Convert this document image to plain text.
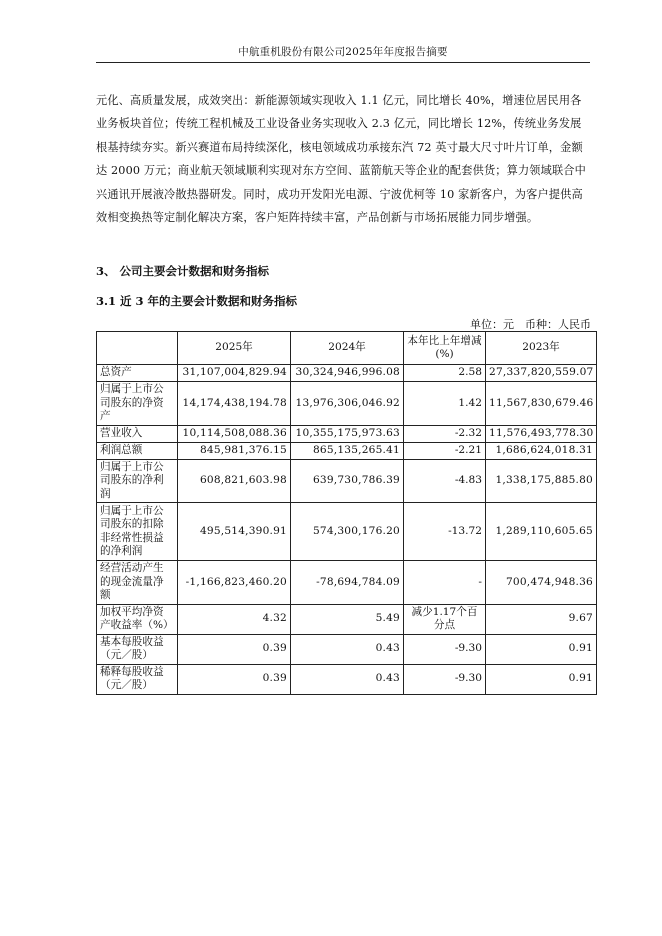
中航重机股份有限公司2025年年度报告摘要

元化、高质量发展，成效突出：新能源领域实现收入 1.1 亿元，同比增长 40%，增速位居民用各业务板块首位；传统工程机械及工业设备业务实现收入 2.3 亿元，同比增长 12%，传统业务发展根基持续夯实。新兴赛道布局持续深化，核电领域成功承接东汽 72 英寸最大尺寸叶片订单，金额达 2000 万元；商业航天领域顺利实现对东方空间、蓝箭航天等企业的配套供货；算力领域联合中兴通讯开展液冷散热器研发。同时，成功开发阳光电源、宁波优柯等 10 家新客户，为客户提供高效相变换热等定制化解决方案，客户矩阵持续丰富，产品创新与市场拓展能力同步增强。

3、 公司主要会计数据和财务指标
3.1 近 3 年的主要会计数据和财务指标
单位：元　币种：人民币
	2025年	2024年	本年比上年增减(%)	2023年
总资产	31,107,004,829.94	30,324,946,996.08	2.58	27,337,820,559.07
归属于上市公司股东的净资产	14,174,438,194.78	13,976,306,046.92	1.42	11,567,830,679.46
营业收入	10,114,508,088.36	10,355,175,973.63	-2.32	11,576,493,778.30
利润总额	845,981,376.15	865,135,265.41	-2.21	1,686,624,018.31
归属于上市公司股东的净利润	608,821,603.98	639,730,786.39	-4.83	1,338,175,885.80
归属于上市公司股东的扣除非经常性损益的净利润	495,514,390.91	574,300,176.20	-13.72	1,289,110,605.65
经营活动产生的现金流量净额	-1,166,823,460.20	-78,694,784.09	-	700,474,948.36
加权平均净资产收益率（%）	4.32	5.49	减少1.17个百分点	9.67
基本每股收益（元／股）	0.39	0.43	-9.30	0.91
稀释每股收益（元／股）	0.39	0.43	-9.30	0.91
